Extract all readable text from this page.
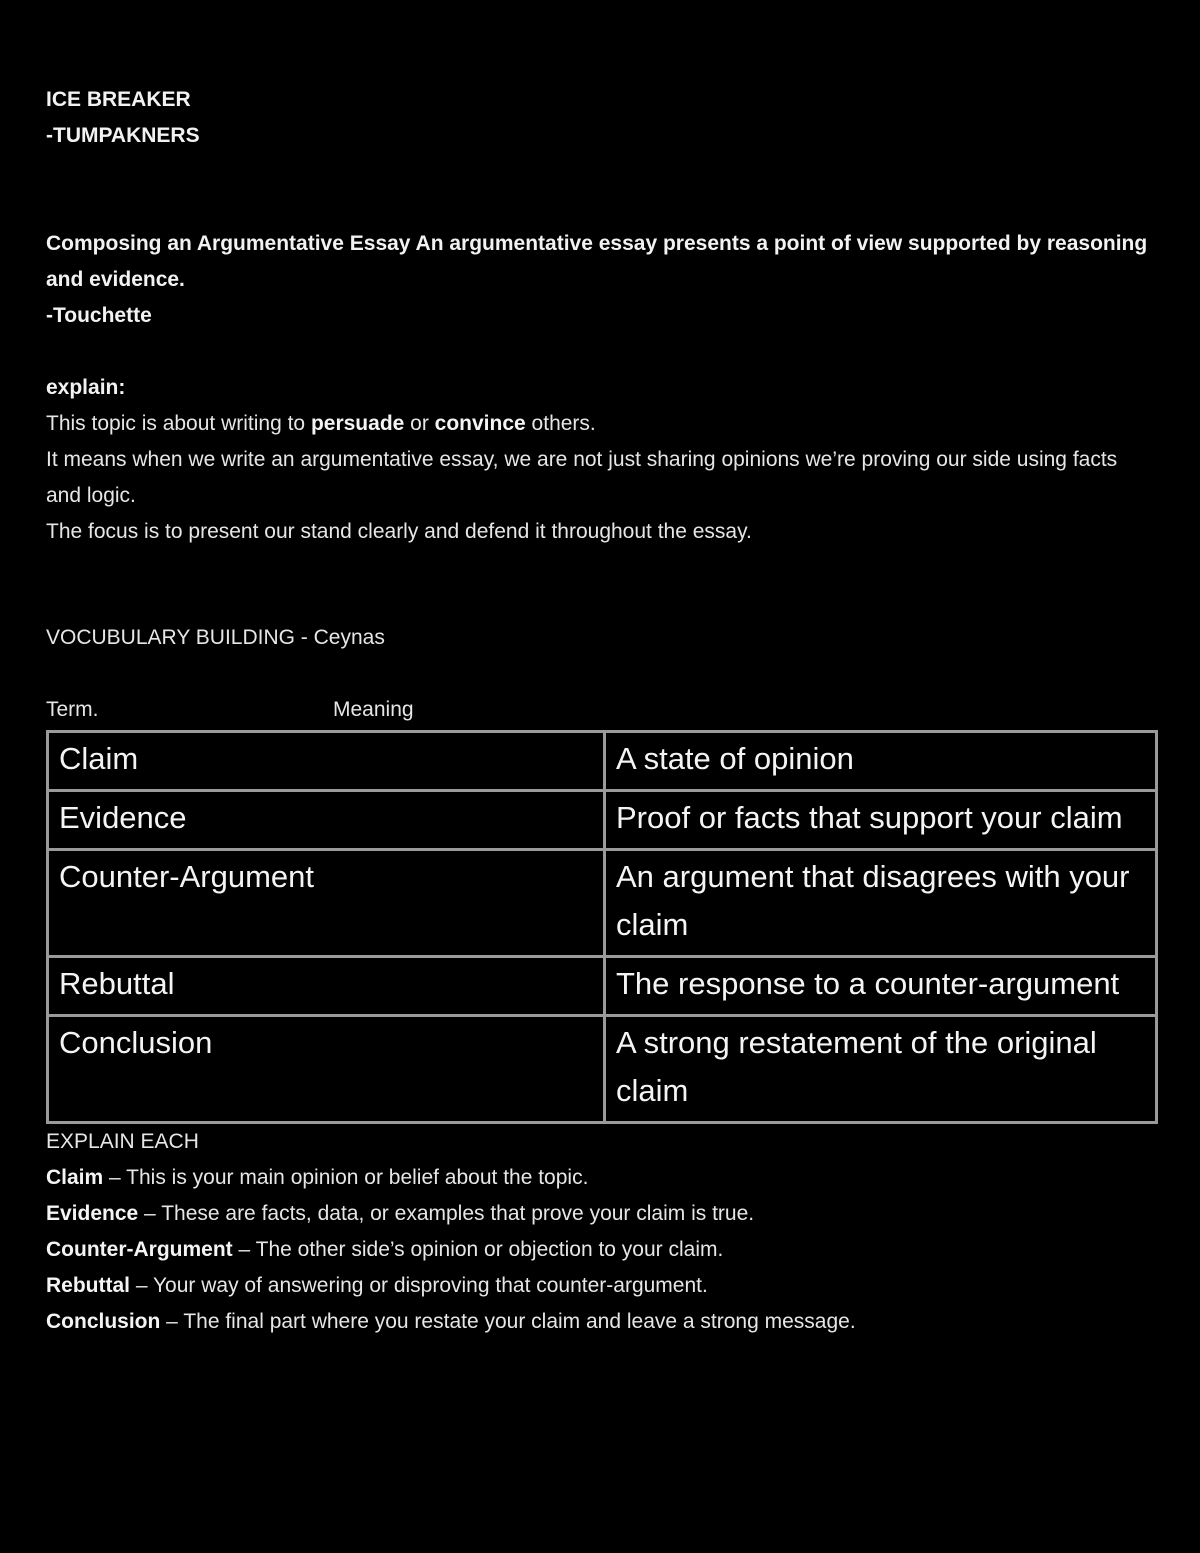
ICE BREAKER
-TUMPAKNERS
Composing an Argumentative Essay An argumentative essay presents a point of view supported by reasoning and evidence.
-Touchette
explain:
This topic is about writing to persuade or convince others.
It means when we write an argumentative essay, we are not just sharing opinions we’re proving our side using facts and logic.
The focus is to present our stand clearly and defend it throughout the essay.
VOCUBULARY BUILDING - Ceynas
Term.	Meaning
Claim	A state of opinion
Evidence	Proof or facts that support your claim
Counter-Argument	An argument that disagrees with your claim
Rebuttal	The response to a counter-argument
Conclusion	A strong restatement of the original claim
EXPLAIN EACH
Claim – This is your main opinion or belief about the topic.
Evidence – These are facts, data, or examples that prove your claim is true.
Counter-Argument – The other side’s opinion or objection to your claim.
Rebuttal – Your way of answering or disproving that counter-argument.
Conclusion – The final part where you restate your claim and leave a strong message.
